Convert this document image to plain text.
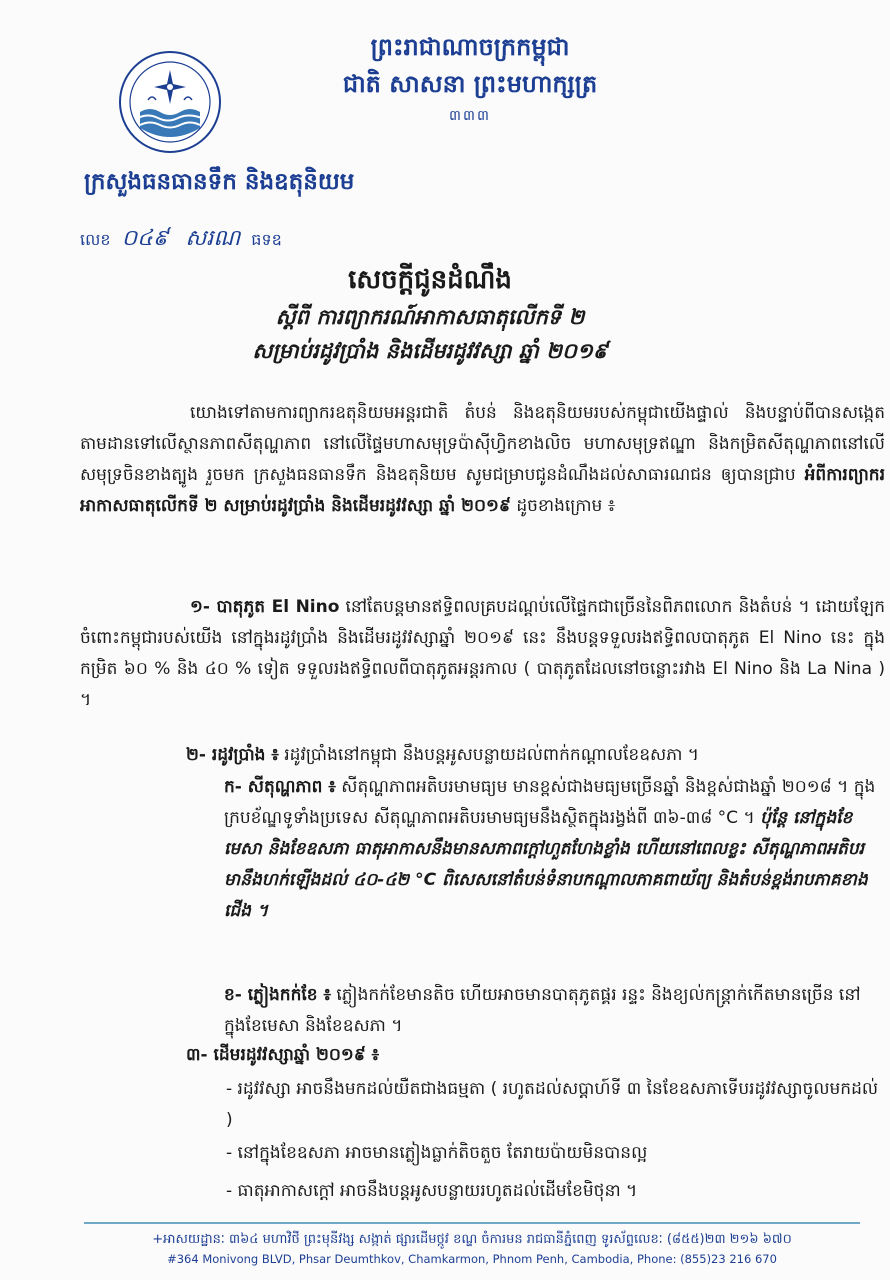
ព្រះរាជាណាចក្រកម្ពុជា
ជាតិ សាសនា ព្រះមហាក្សត្រ
៣៣៣
ក្រសួងធនធានទឹក និងឧតុនិយម
លេខ ០៤៩ សរណ ធទឧ
សេចក្តីជូនដំណឹង
ស្តីពី ការព្យាករណ៍អាកាសធាតុលើកទី ២
សម្រាប់រដូវប្រាំង និងដើមរដូវវស្សា ឆ្នាំ ២០១៩
យោងទៅតាមការព្យាករឧតុនិយមអន្តរជាតិ តំបន់ និងឧតុនិយមរបស់កម្ពុជាយើងផ្ទាល់ និងបន្ទាប់ពីបានសង្កេតតាមដានទៅលើស្ថានភាពសីតុណ្ហភាព នៅលើផ្ទៃមហាសមុទ្រប៉ាស៊ីហ្វិកខាងលិច មហាសមុទ្រឥណ្ឌា និងកម្រិតសីតុណ្ហភាពនៅលើសមុទ្រចិនខាងត្បូង រួចមក ក្រសួងធនធានទឹក និងឧតុនិយម សូមជម្រាបជូនដំណឹងដល់សាធារណជន ឲ្យបានជ្រាប អំពីការព្យាករអាកាសធាតុលើកទី ២ សម្រាប់រដូវប្រាំង និងដើមរដូវវស្សា ឆ្នាំ ២០១៩ ដូចខាងក្រោម ៖
១- បាតុភូត El Nino នៅតែបន្តមានឥទ្ធិពលគ្របដណ្តប់លើផ្ទៃកជាច្រើននៃពិភពលោក និងតំបន់ ។ ដោយឡែក ចំពោះកម្ពុជារបស់យើង នៅក្នុងរដូវប្រាំង និងដើមរដូវវស្សាឆ្នាំ ២០១៩ នេះ នឹងបន្តទទួលរងឥទ្ធិពលបាតុភូត El Nino នេះ ក្នុងកម្រិត ៦០ % និង ៤០ % ទៀត ទទួលរងឥទ្ធិពលពីបាតុភូតអន្តរកាល ( បាតុភូតដែលនៅចន្លោះរវាង El Nino និង La Nina ) ។
២- រដូវប្រាំង ៖ រដូវប្រាំងនៅកម្ពុជា នឹងបន្តអូសបន្លាយដល់ពាក់កណ្តាលខែឧសភា ។
ក- សីតុណ្ហភាព ៖ សីតុណ្ហភាពអតិបរមាមធ្យម មានខ្ពស់ជាងមធ្យមច្រើនឆ្នាំ និងខ្ពស់ជាងឆ្នាំ ២០១៨ ។ ក្នុងក្របខ័ណ្ឌទូទាំងប្រទេស សីតុណ្ហភាពអតិបរមាមធ្យមនឹងស្ថិតក្នុងរង្វង់ពី ៣៦-៣៨ °C ។ ប៉ុន្តែ នៅក្នុងខែមេសា និងខែឧសភា ធាតុអាកាសនឹងមានសភាពក្តៅហួតហែងខ្លាំង ហើយនៅពេលខ្លះ សីតុណ្ហភាពអតិបរមានឹងហក់ឡើងដល់ ៤០-៤២ °C ពិសេសនៅតំបន់ទំនាបកណ្តាលភាគពាយ័ព្យ និងតំបន់ខ្ពង់រាបភាគខាងជើង ។
ខ- ភ្លៀងកក់ខែ ៖ ភ្លៀងកក់ខែមានតិច ហើយអាចមានបាតុភូតផ្គរ រន្ទះ និងខ្យល់កន្ត្រាក់កើតមានច្រើន នៅក្នុងខែមេសា និងខែឧសភា ។
៣- ដើមរដូវវស្សាឆ្នាំ ២០១៩ ៖
- រដូវវស្សា អាចនឹងមកដល់យឺតជាងធម្មតា ( រហូតដល់សប្តាហ៍ទី ៣ នៃខែឧសភាទើបរដូវវស្សាចូលមកដល់ )
- នៅក្នុងខែឧសភា អាចមានភ្លៀងធ្លាក់តិចតួច តែរាយប៉ាយមិនបានល្អ
- ធាតុអាកាសក្តៅ អាចនឹងបន្តអូសបន្លាយរហូតដល់ដើមខែមិថុនា ។
+អាសយដ្ឋានៈ ៣៦៤ មហាវិថី ព្រះមុនីវង្ស សង្កាត់ ផ្សារដើមថ្កូវ ខណ្ឌ ចំការមន រាជធានីភ្នំពេញ ទូរស័ព្ទលេខៈ (៨៥៥)២៣ ២១៦ ៦៧០
#364 Monivong BLVD, Phsar Deumthkov, Chamkarmon, Phnom Penh, Cambodia, Phone: (855)23 216 670
